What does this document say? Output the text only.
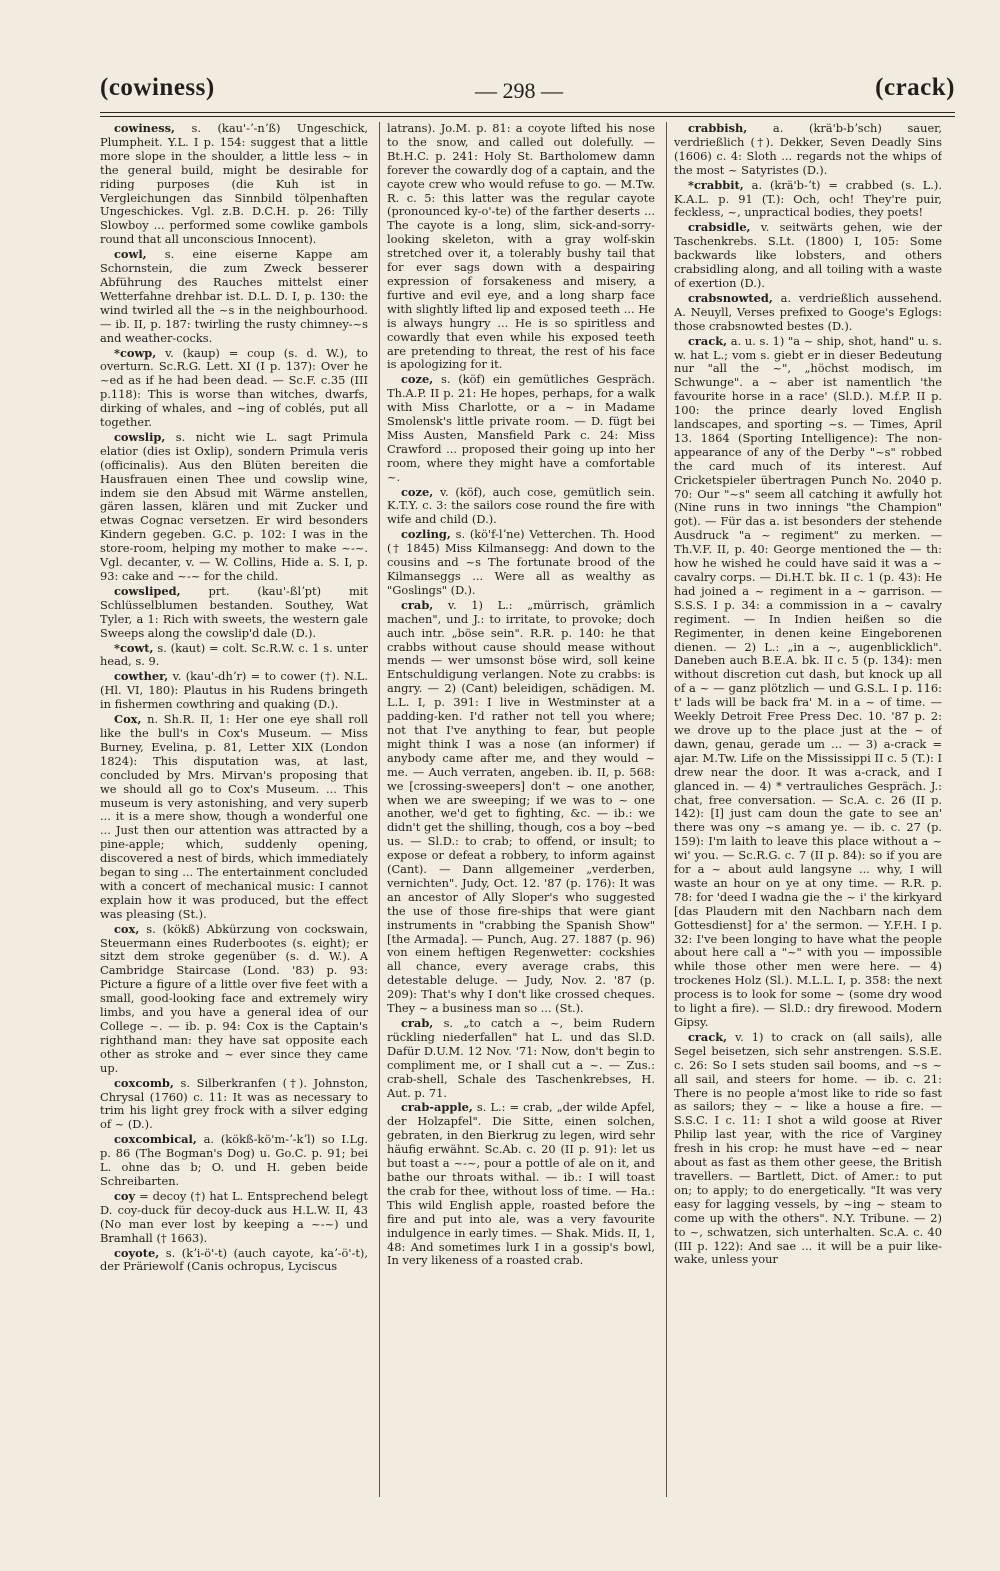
(cowiness)	— 298 —	(crack)

cowiness, s. (kau'-ʼ-nʼß) Ungeschick, Plumpheit. Y.L. I p. 154: suggest that a little more slope in the shoulder, a little less ~ in the general build, might be desirable for riding purposes (die Kuh ist in Vergleichungen das Sinnbild tölpenhaften Ungeschickes. Vgl. z.B. D.C.H. p. 26: Tilly Slowboy ... performed some cowlike gambols round that all unconscious Innocent).

cowl, s. eine eiserne Kappe am Schornstein, die zum Zweck besserer Abführung des Rauches mittelst einer Wetterfahne drehbar ist. D.L. D. I, p. 130: the wind twirled all the ~s in the neighbourhood. — ib. II, p. 187: twirling the rusty chimney-~s and weather-cocks.

*cowp, v. (kaup) = coup (s. d. W.), to overturn. Sc.R.G. Lett. XI (I p. 137): Over he ~ed as if he had been dead. — Sc.F. c.35 (III p.118): This is worse than witches, dwarfs, dirking of whales, and ~ing of coblés, put all together.

cowslip, s. nicht wie L. sagt Primula elatior (dies ist Oxlip), sondern Primula veris (officinalis). Aus den Blüten bereiten die Hausfrauen einen Thee und cowslip wine, indem sie den Absud mit Wärme anstellen, gären lassen, klären und mit Zucker und etwas Cognac versetzen. Er wird besonders Kindern gegeben. G.C. p. 102: I was in the store-room, helping my mother to make ~-~. Vgl. decanter, v. — W. Collins, Hide a. S. I, p. 93: cake and ~-~ for the child.

cowsliped, prt. (kau'-ßlʼpt) mit Schlüsselblumen bestanden. Southey, Wat Tyler, a 1: Rich with sweets, the western gale Sweeps along the cowslip'd dale (D.).

*cowt, s. (kaut) = colt. Sc.R.W. c. 1 s. unter head, s. 9.

cowther, v. (kau'-dhʼr) = to cower (†). N.L. (Hl. VI, 180): Plautus in his Rudens bringeth in fishermen cowthring and quaking (D.).

Cox, n. Sh.R. II, 1: Her one eye shall roll like the bull's in Cox's Museum. — Miss Burney, Evelina, p. 81, Letter XIX (London 1824): This disputation was, at last, concluded by Mrs. Mirvan's proposing that we should all go to Cox's Museum. ... This museum is very astonishing, and very superb ... it is a mere show, though a wonderful one ... Just then our attention was attracted by a pine-apple; which, suddenly opening, discovered a nest of birds, which immediately began to sing ... The entertainment concluded with a concert of mechanical music: I cannot explain how it was produced, but the effect was pleasing (St.).

cox, s. (kökß) Abkürzung von cockswain, Steuermann eines Ruderbootes (s. eight); er sitzt dem stroke gegenüber (s. d. W.). A Cambridge Staircase (Lond. '83) p. 93: Picture a figure of a little over five feet with a small, good-looking face and extremely wiry limbs, and you have a general idea of our College ~. — ib. p. 94: Cox is the Captain's righthand man: they have sat opposite each other as stroke and ~ ever since they came up.

coxcomb, s. Silberkranfen (†). Johnston, Chrysal (1760) c. 11: It was as necessary to trim his light grey frock with a silver edging of ~ (D.).

coxcombical, a. (kökß-kö'm-ʼ-kʼl) so I.Lg. p. 86 (The Bogman's Dog) u. Go.C. p. 91; bei L. ohne das b; O. und H. geben beide Schreibarten.

coy = decoy (†) hat L. Entsprechend belegt D. coy-duck für decoy-duck aus H.L.W. II, 43 (No man ever lost by keeping a ~-~) und Bramhall († 1663).

coyote, s. (kʼi-ö'-t) (auch cayote, kaʼ-ö'-t), der Präriewolf (Canis ochropus, Lyciscus

latrans). Jo.M. p. 81: a coyote lifted his nose to the snow, and called out dolefully. — Bt.H.C. p. 241: Holy St. Bartholomew damn forever the cowardly dog of a captain, and the cayote crew who would refuse to go. — M.Tw. R. c. 5: this latter was the regular cayote (pronounced ky-o'-te) of the farther deserts ... The cayote is a long, slim, sick-and-sorry-looking skeleton, with a gray wolf-skin stretched over it, a tolerably bushy tail that for ever sags down with a despairing expression of forsakeness and misery, a furtive and evil eye, and a long sharp face with slightly lifted lip and exposed teeth ... He is always hungry ... He is so spiritless and cowardly that even while his exposed teeth are pretending to threat, the rest of his face is apologizing for it.

coze, s. (köf) ein gemütliches Gespräch. Th.A.P. II p. 21: He hopes, perhaps, for a walk with Miss Charlotte, or a ~ in Madame Smolensk's little private room. — D. fügt bei Miss Austen, Mansfield Park c. 24: Miss Crawford ... proposed their going up into her room, where they might have a comfortable ~.

coze, v. (köf), auch cose, gemütlich sein. K.T.Y. c. 3: the sailors cose round the fire with wife and child (D.).

cozling, s. (kö'f-lʼne) Vetterchen. Th. Hood († 1845) Miss Kilmansegg: And down to the cousins and ~s The fortunate brood of the Kilmanseggs ... Were all as wealthy as "Goslings" (D.).

crab, v. 1) L.: „mürrisch, grämlich machen", und J.: to irritate, to provoke; doch auch intr. „böse sein". R.R. p. 140: he that crabbs without cause should mease without mends — wer umsonst böse wird, soll keine Entschuldigung verlangen. Note zu crabbs: is angry. — 2) (Cant) beleidigen, schädigen. M. L.L. I, p. 391: I live in Westminster at a padding-ken. I'd rather not tell you where; not that I've anything to fear, but people might think I was a nose (an informer) if anybody came after me, and they would ~ me. — Auch verraten, angeben. ib. II, p. 568: we [crossing-sweepers] don't ~ one another, when we are sweeping; if we was to ~ one another, we'd get to fighting, &c. — ib.: we didn't get the shilling, though, cos a boy ~bed us. — Sl.D.: to crab; to offend, or insult; to expose or defeat a robbery, to inform against (Cant). — Dann allgemeiner „verderben, vernichten". Judy, Oct. 12. '87 (p. 176): It was an ancestor of Ally Sloper's who suggested the use of those fire-ships that were giant instruments in "crabbing the Spanish Show" [the Armada]. — Punch, Aug. 27. 1887 (p. 96) von einem heftigen Regenwetter: cockshies all chance, every average crabs, this detestable deluge. — Judy, Nov. 2. '87 (p. 209): That's why I don't like crossed cheques. They ~ a business man so ... (St.).

crab, s. „to catch a ~, beim Rudern rückling niederfallen" hat L. und das Sl.D. Dafür D.U.M. 12 Nov. '71: Now, don't begin to compliment me, or I shall cut a ~. — Zus.: crab-shell, Schale des Taschenkrebses, H. Aut. p. 71.

crab-apple, s. L.: = crab, „der wilde Apfel, der Holzapfel". Die Sitte, einen solchen, gebraten, in den Bierkrug zu legen, wird sehr häufig erwähnt. Sc.Ab. c. 20 (II p. 91): let us but toast a ~-~, pour a pottle of ale on it, and bathe our throats withal. — ib.: I will toast the crab for thee, without loss of time. — Ha.: This wild English apple, roasted before the fire and put into ale, was a very favourite indulgence in early times. — Shak. Mids. II, 1, 48: And sometimes lurk I in a gossip's bowl, In very likeness of a roasted crab.

crabbish, a. (krä'b-bʼsch) sauer, verdrießlich (†). Dekker, Seven Deadly Sins (1606) c. 4: Sloth ... regards not the whips of the most ~ Satyristes (D.).

*crabbit, a. (krä'b-ʼt) = crabbed (s. L.). K.A.L. p. 91 (T.): Och, och! They're puir, feckless, ~, unpractical bodies, they poets!

crabsidle, v. seitwärts gehen, wie der Taschenkrebs. S.Lt. (1800) I, 105: Some backwards like lobsters, and others crabsidling along, and all toiling with a waste of exertion (D.).

crabsnowted, a. verdrießlich aussehend. A. Neuyll, Verses prefixed to Googe's Eglogs: those crabsnowted bestes (D.).

crack, a. u. s. 1) "a ~ ship, shot, hand" u. s. w. hat L.; vom s. giebt er in dieser Bedeutung nur "all the ~", „höchst modisch, im Schwunge". a ~ aber ist namentlich 'the favourite horse in a race' (Sl.D.). M.f.P. II p. 100: the prince dearly loved English landscapes, and sporting ~s. — Times, April 13. 1864 (Sporting Intelligence): The non-appearance of any of the Derby "~s" robbed the card much of its interest. Auf Cricketspieler übertragen Punch No. 2040 p. 70: Our "~s" seem all catching it awfully hot (Nine runs in two innings "the Champion" got). — Für das a. ist besonders der stehende Ausdruck "a ~ regiment" zu merken. — Th.V.F. II, p. 40: George mentioned the — th: how he wished he could have said it was a ~ cavalry corps. — Di.H.T. bk. II c. 1 (p. 43): He had joined a ~ regiment in a ~ garrison. — S.S.S. I p. 34: a commission in a ~ cavalry regiment. — In Indien heißen so die Regimenter, in denen keine Eingeborenen dienen. — 2) L.: „in a ~, augenblicklich". Daneben auch B.E.A. bk. II c. 5 (p. 134): men without discretion cut dash, but knock up all of a ~ — ganz plötzlich — und G.S.L. I p. 116: t' lads will be back fra' M. in a ~ of time. — Weekly Detroit Free Press Dec. 10. '87 p. 2: we drove up to the place just at the ~ of dawn, genau, gerade um ... — 3) a-crack = ajar. M.Tw. Life on the Mississippi II c. 5 (T.): I drew near the door. It was a-crack, and I glanced in. — 4) * vertrauliches Gespräch. J.: chat, free conversation. — Sc.A. c. 26 (II p. 142): [I] just cam doun the gate to see an' there was ony ~s amang ye. — ib. c. 27 (p. 159): I'm laith to leave this place without a ~ wi' you. — Sc.R.G. c. 7 (II p. 84): so if you are for a ~ about auld langsyne ... why, I will waste an hour on ye at ony time. — R.R. p. 78: for 'deed I wadna gie the ~ i' the kirkyard [das Plaudern mit den Nachbarn nach dem Gottesdienst] for a' the sermon. — Y.F.H. I p. 32: I've been longing to have what the people about here call a "~" with you — impossible while those other men were here. — 4) trockenes Holz (Sl.). M.L.L. I, p. 358: the next process is to look for some ~ (some dry wood to light a fire). — Sl.D.: dry firewood. Modern Gipsy.

crack, v. 1) to crack on (all sails), alle Segel beisetzen, sich sehr anstrengen. S.S.E. c. 26: So I sets studen sail booms, and ~s ~ all sail, and steers for home. — ib. c. 21: There is no people a'most like to ride so fast as sailors; they ~ ~ like a house a fire. — S.S.C. I c. 11: I shot a wild goose at River Philip last year, with the rice of Varginey fresh in his crop: he must have ~ed ~ near about as fast as them other geese, the British travellers. — Bartlett, Dict. of Amer.: to put on; to apply; to do energetically. "It was very easy for lagging vessels, by ~ing ~ steam to come up with the others". N.Y. Tribune. — 2) to ~, schwatzen, sich unterhalten. Sc.A. c. 40 (III p. 122): And sae ... it will be a puir like-wake, unless your
